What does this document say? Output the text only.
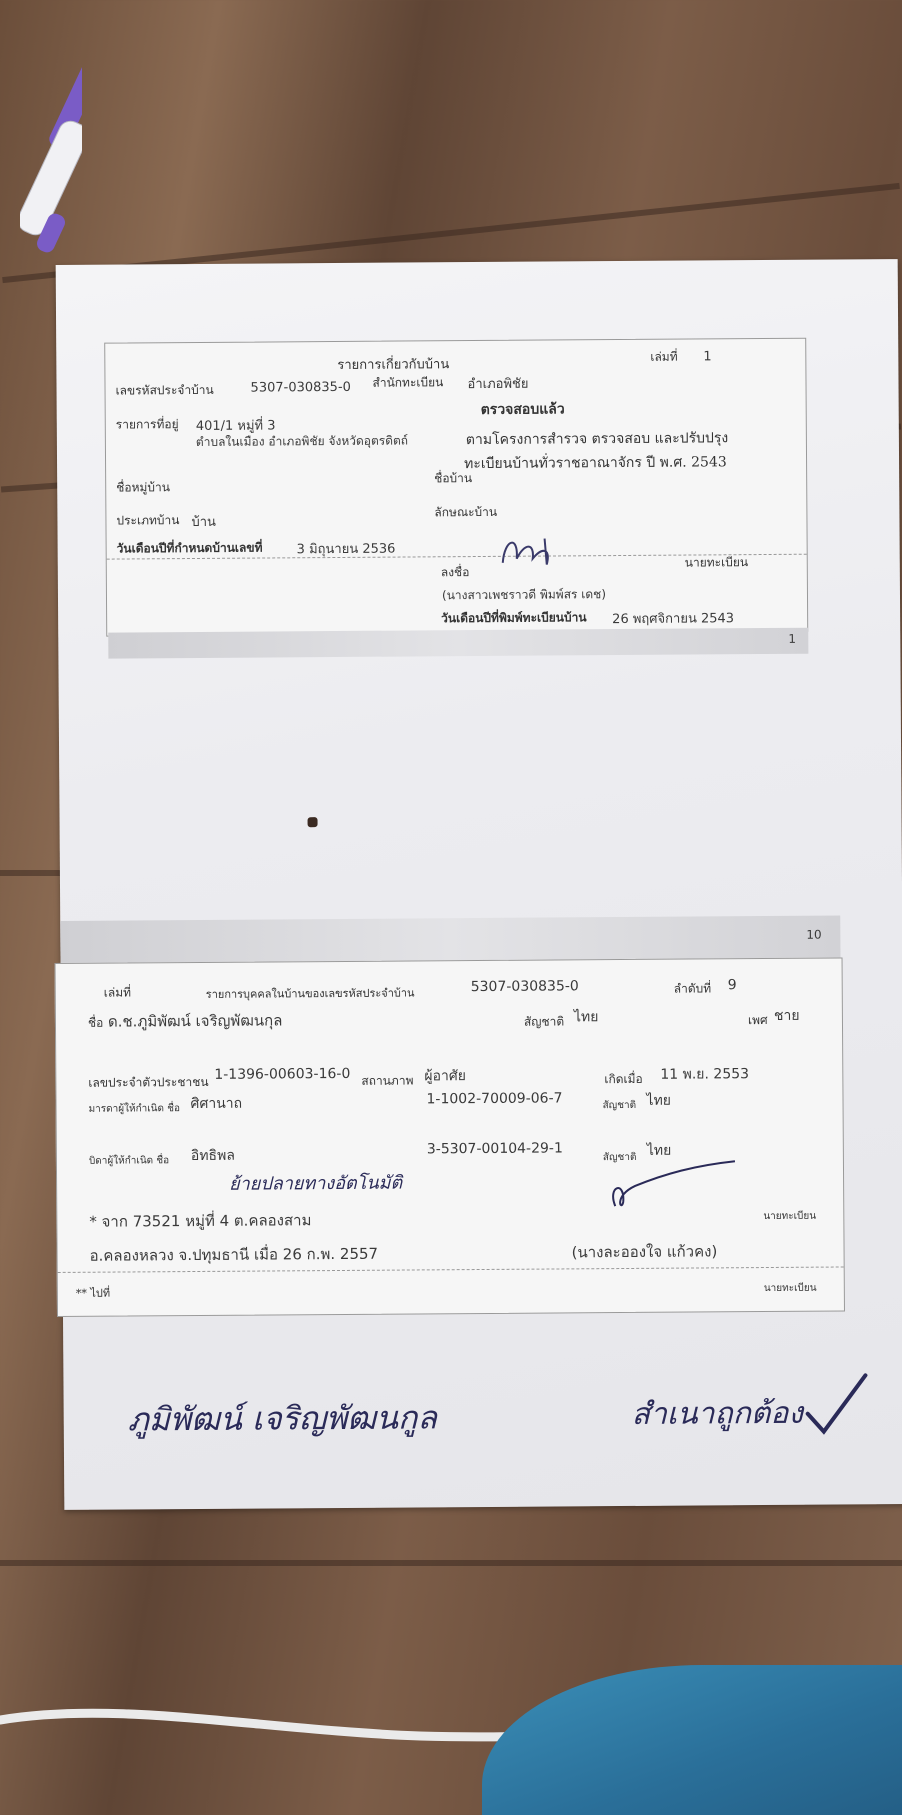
รายการเกี่ยวกับบ้าน
เล่มที่ 1
เลขรหัสประจำบ้าน	5307-030835-0 สำนักทะเบียน อำเภอพิชัย
ตรวจสอบแล้ว
รายการที่อยู่ 401/1 หมู่ที่ 3
ตำบลในเมือง อำเภอพิชัย จังหวัดอุตรดิตถ์	ตามโครงการสำรวจ ตรวจสอบ และปรับปรุง
ทะเบียนบ้านทั่วราชอาณาจักร ปี พ.ศ. 2543
ชื่อหมู่บ้าน
ชื่อบ้าน
ประเภทบ้าน บ้าน
ลักษณะบ้าน
วันเดือนปีที่กำหนดบ้านเลขที่	3 มิถุนายน 2536
ลงชื่อ
นายทะเบียน
(นางสาวเพชราวดี พิมพ์สร เดช)
วันเดือนปีที่พิมพ์ทะเบียนบ้าน 26 พฤศจิกายน 2543
1
10
เล่มที่	รายการบุคคลในบ้านของเลขรหัสประจำบ้าน	5307-030835-0	ลำดับที่ 9
ชื่อ ด.ช.ภูมิพัฒน์ เจริญพัฒนกุล	สัญชาติ ไทย	เพศ ชาย
เลขประจำตัวประชาชน 1-1396-00603-16-0 สถานภาพ ผู้อาศัย	เกิดเมื่อ 11 พ.ย. 2553
มารดาผู้ให้กำเนิด ชื่อ ศิศานาถ	1-1002-70009-06-7	สัญชาติ ไทย
บิดาผู้ให้กำเนิด ชื่อ อิทธิพล	3-5307-00104-29-1
สัญชาติ ไทย
ย้ายปลายทางอัตโนมัติ
* จาก 73521 หมู่ที่ 4 ต.คลองสาม	นายทะเบียน
อ.คลองหลวง จ.ปทุมธานี เมื่อ 26 ก.พ. 2557	(นางละอองใจ แก้วคง)
** ไปที่	นายทะเบียน
ภูมิพัฒน์ เจริญพัฒนกูล	สำเนาถูกต้อง
